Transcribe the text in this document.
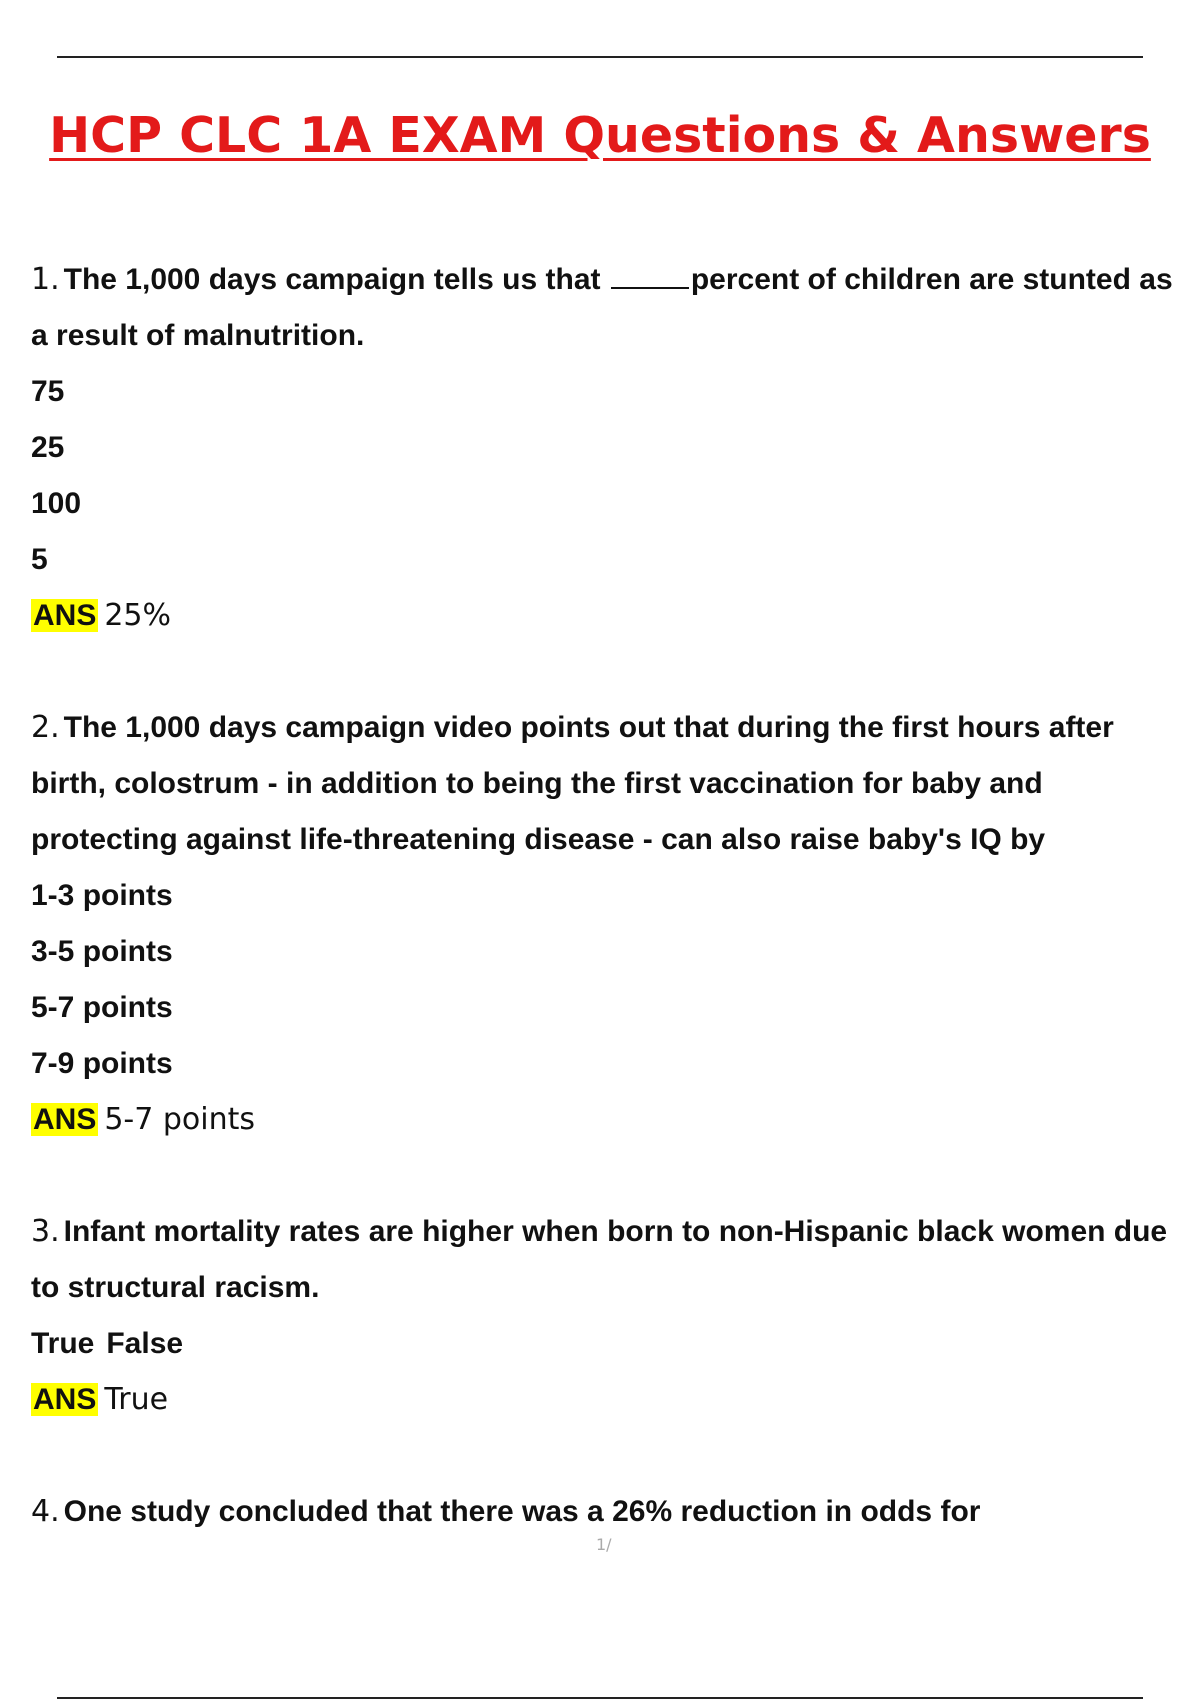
HCP CLC 1A EXAM Questions & Answers

1. The 1,000 days campaign tells us that	percent of children are stunted as a result of malnutrition.

75

25

100

5

ANS 25%

2. The 1,000 days campaign video points out that during the first hours after birth, colostrum - in addition to being the first vaccination for baby and protecting against life-threatening disease - can also raise baby's IQ by

1-3 points

3-5 points

5-7 points

7-9 points

ANS 5-7 points

3. Infant mortality rates are higher when born to non-Hispanic black women due to structural racism.

True False

ANS True

4. One study concluded that there was a 26% reduction in odds for

1/
